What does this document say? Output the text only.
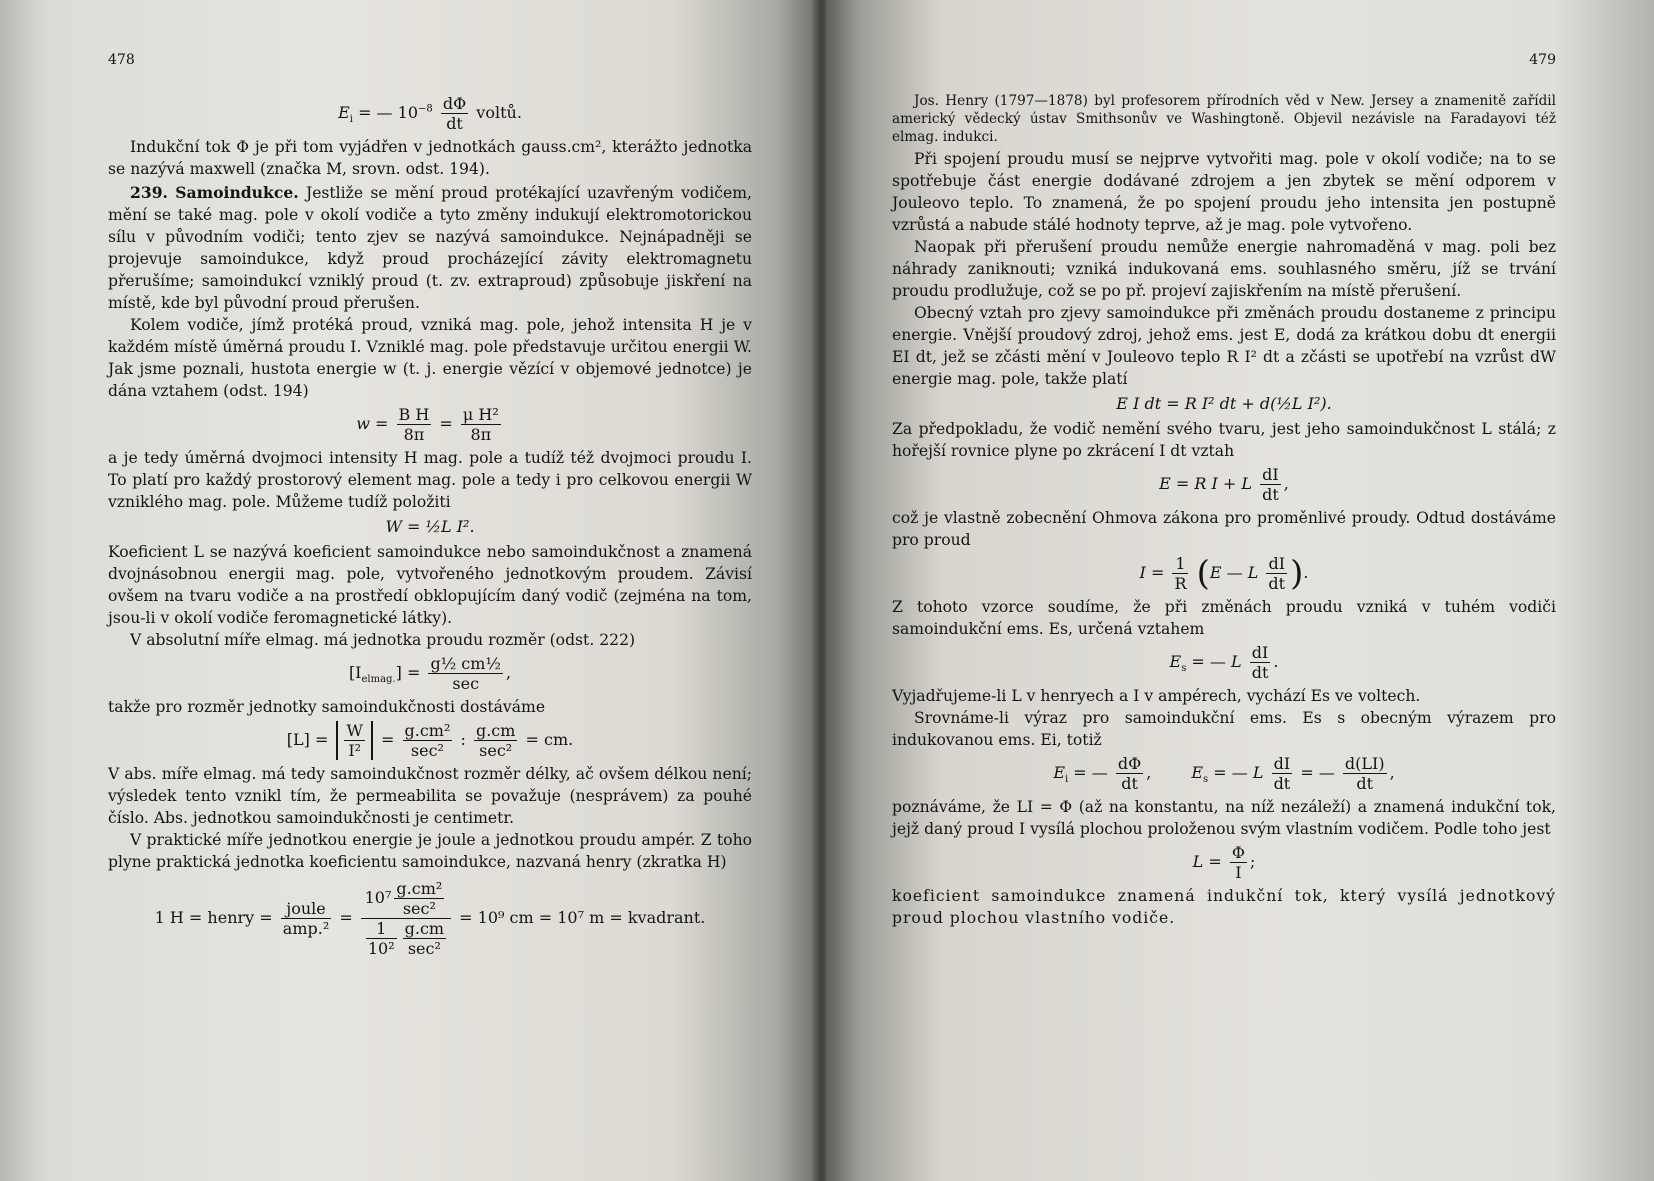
478
$E_i$ = — $10^{-8} \frac{d\Phi}{dt}$ voltů.

Indukční tok Φ je při tom vyjádřen v jednotkách gauss.cm², kterážto jednotka se nazývá maxwell (značka M, srovn. odst. 194).

239. Samoindukce. Jestliže se mění proud protékající uzavřeným vodičem, mění se také mag. pole v okolí vodiče a tyto změny indukují elektromotorickou sílu v původním vodiči; tento zjev se nazývá samoindukce. Nejnápadněji se projevuje samoindukce, když proud procházející závity elektromagnetu přerušíme; samoindukcí vzniklý proud (t. zv. extraproud) způsobuje jiskření na místě, kde byl původní proud přerušen.

Kolem vodiče, jímž protéká proud, vzniká mag. pole, jehož intensita H je v každém místě úměrná proudu I. Vzniklé mag. pole představuje určitou energii W. Jak jsme poznali, hustota energie w (t. j. energie vězící v objemové jednotce) je dána vztahem (odst. 194)

$w = \frac{\text{B H}}{8\pi} = \frac{\text{μ H²}}{8\pi}$

a je tedy úměrná dvojmoci intensity H mag. pole a tudíž též dvojmoci proudu I. To platí pro každý prostorový element mag. pole a tedy i pro celkovou energii W vzniklého mag. pole. Můžeme tudíž položiti

W = ½L I².

Koeficient L se nazývá koeficient samoindukce nebo samoindukčnost a znamená dvojnásobnou energii mag. pole, vytvořeného jednotkovým proudem. Závisí ovšem na tvaru vodiče a na prostředí obklopujícím daný vodič (zejména na tom, jsou-li v okolí vodiče feromagnetické látky).

V absolutní míře elmag. má jednotka proudu rozměr (odst. 222)

$[I_{elmag.}] = \frac{\text{g½ cm½}}{\sec}$ ,

takže pro rozměr jednotky samoindukčnosti dostáváme

$[L] = \frac{W}{\text{I²}} = \frac{\text{g.cm²}}{\text{sec²}}$ : $\frac{g.cm}{\text{sec²}}$ = cm.

V abs. míře elmag. má tedy samoindukčnost rozměr délky, ač ovšem délkou není; výsledek tento vznikl tím, že permeabilita se považuje (nesprávem) za pouhé číslo. Abs. jednotkou samoindukčnosti je centimetr.

V praktické míře jednotkou energie je joule a jednotkou proudu ampér. Z toho plyne praktická jednotka koeficientu samoindukce, nazvaná henry (zkratka H)

1 H = henry = $\frac{\text{joule}}{\text{amp.²}} = \frac{10^7 \frac{\text{g.cm²}}{\text{sec²}}}{\frac{1}{\text{10²}} \frac{g.cm}{\text{sec²}}} = 10^9$ cm = 10⁷ m = kvadrant.
479

Jos. Henry (1797—1878) byl profesorem přírodních věd v New. Jersey a znamenitě zařídil americký vědecký ústav Smithsonův ve Washingtoně. Objevil nezávisle na Faradayovi též elmag. indukci.

Při spojení proudu musí se nejprve vytvořiti mag. pole v okolí vodiče; na to se spotřebuje část energie dodávané zdrojem a jen zbytek se mění odporem v Jouleovo teplo. To znamená, že po spojení proudu jeho intensita jen postupně vzrůstá a nabude stálé hodnoty teprve, až je mag. pole vytvořeno.

Naopak při přerušení proudu nemůže energie nahromaděná v mag. poli bez náhrady zaniknouti; vzniká indukovaná ems. souhlasného směru, jíž se trvání proudu prodlužuje, což se po př. projeví zajiskřením na místě přerušení.

Obecný vztah pro zjevy samoindukce při změnách proudu dostaneme z principu energie. Vnější proudový zdroj, jehož ems. jest E, dodá za krátkou dobu dt energii EI dt, jež se zčásti mění v Jouleovo teplo R I² dt a zčásti se upotřebí na vzrůst dW energie mag. pole, takže platí

E I dt = R I² dt + d(½L I²).

Za předpokladu, že vodič nemění svého tvaru, jest jeho samoindukčnost L stálá; z hořejší rovnice plyne po zkrácení I dt vztah

E = R I + L $\frac{dI}{dt}$ ,

což je vlastně zobecnění Ohmova zákona pro proměnlivé proudy. Odtud dostáváme pro proud

$I = \frac{1}{R} (E$ — L $\frac{dI}{dt}$ ).

Z tohoto vzorce soudíme, že při změnách proudu vzniká v tuhém vodiči samoindukční ems. Es, určená vztahem

$E_s$ = — L $\frac{dI}{dt}$ .

Vyjadřujeme-li L v henryech a I v ampérech, vychází Es ve voltech.

Srovnáme-li výraz pro samoindukční ems. Es s obecným výrazem pro indukovanou ems. Ei, totiž

$E_i$ = — $\frac{d\Phi}{dt}$ ,	$E_s$ = — L $\frac{dI}{dt}$ = — $\frac{d(LI)}{dt}$ ,

poznáváme, že LI = Φ (až na konstantu, na níž nezáleží) a znamená indukční tok, jejž daný proud I vysílá plochou proloženou svým vlastním vodičem. Podle toho jest

$L = \frac{\Phi}{I}$ ;

koeficient samoindukce znamená indukční tok, který vysílá jednotkový proud plochou vlastního vodiče.
